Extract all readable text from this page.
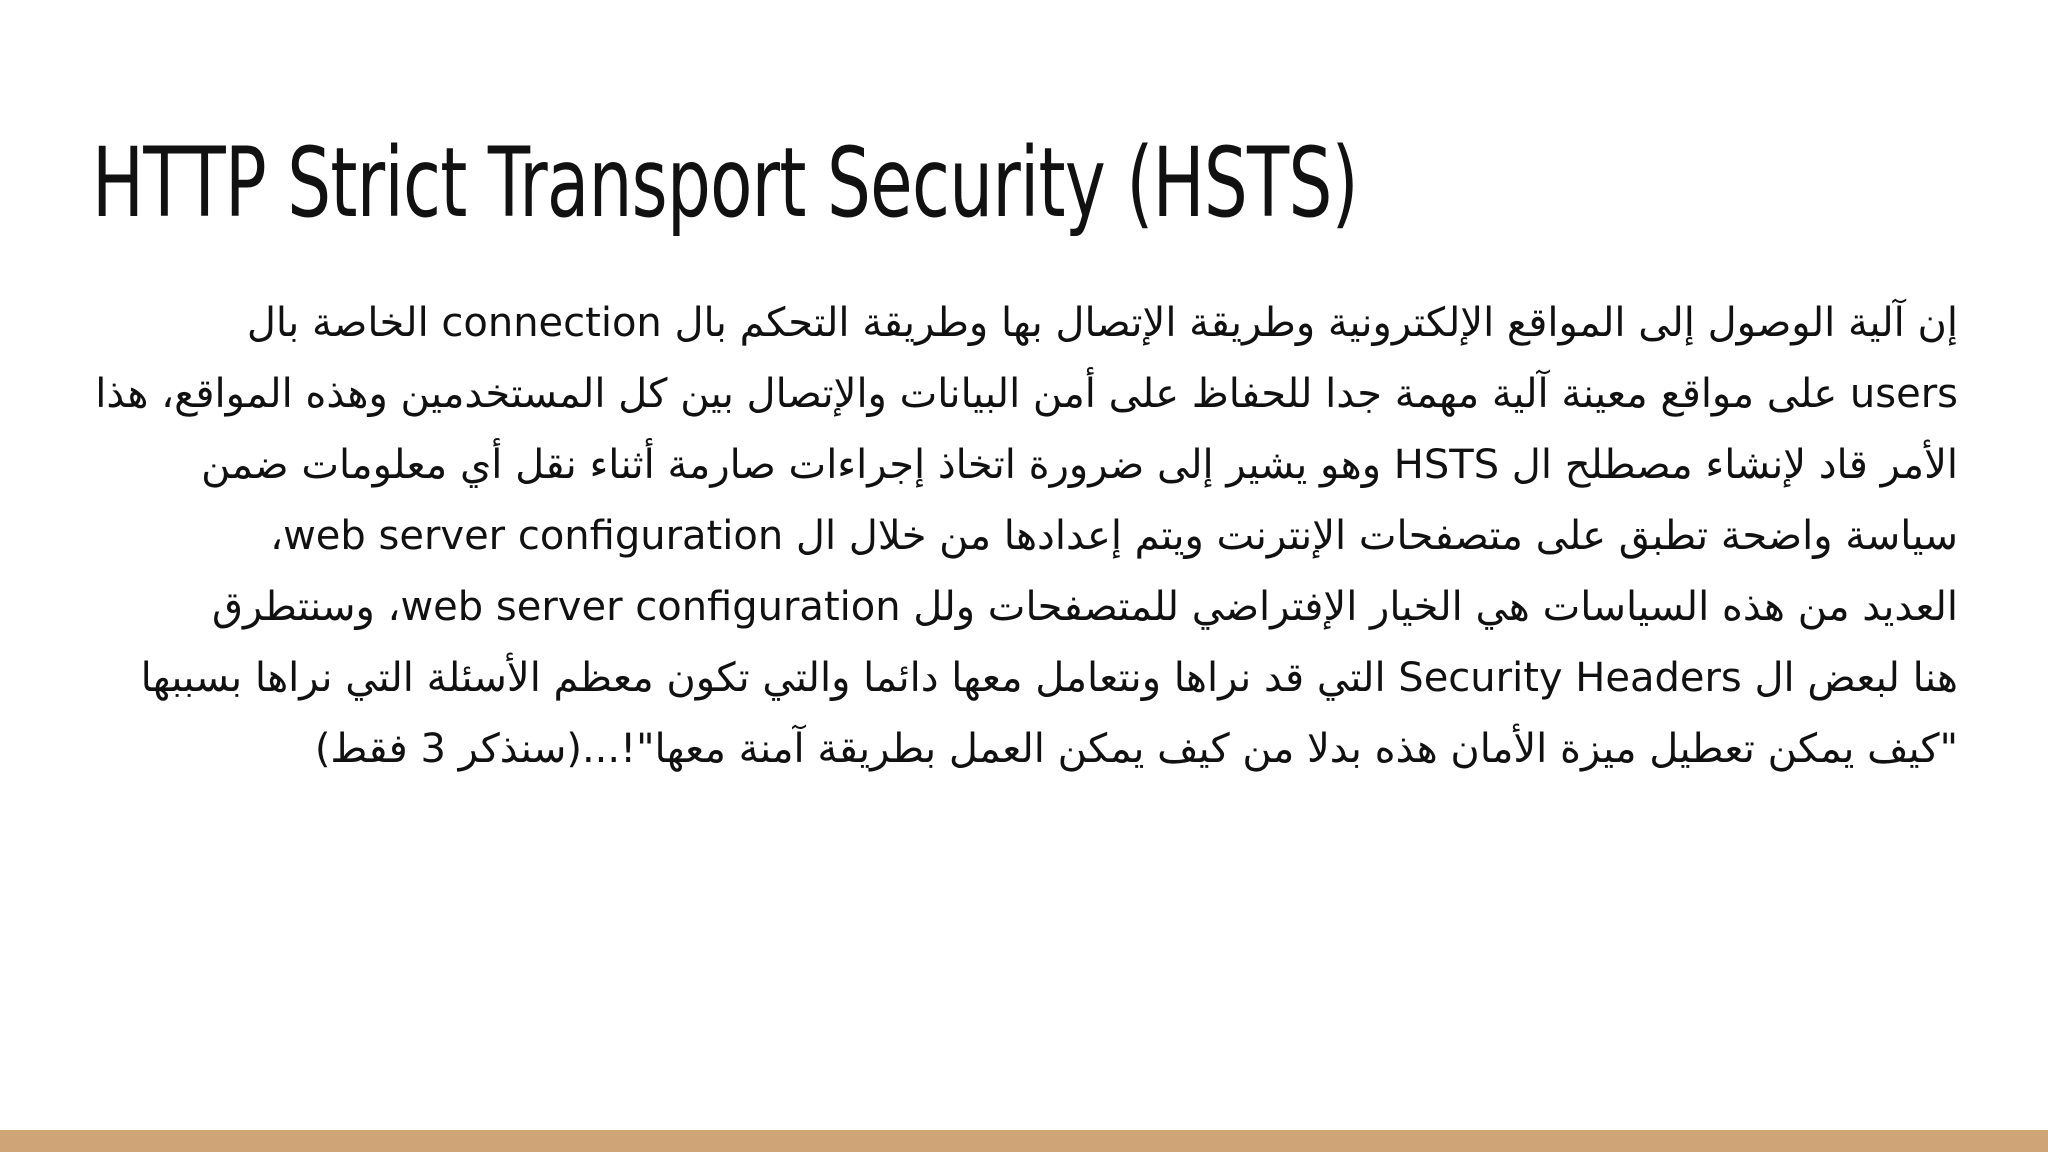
HTTP Strict Transport Security (HSTS)
إن آلية الوصول إلى المواقع الإلكترونية وطريقة الإتصال بها وطريقة التحكم بال connection الخاصة بال
users على مواقع معينة آلية مهمة جدا للحفاظ على أمن البيانات والإتصال بين كل المستخدمين وهذه المواقع، هذا
الأمر قاد لإنشاء مصطلح ال HSTS وهو يشير إلى ضرورة اتخاذ إجراءات صارمة أثناء نقل أي معلومات ضمن
سياسة واضحة تطبق على متصفحات الإنترنت ويتم إعدادها من خلال ال web server configuration،
العديد من هذه السياسات هي الخيار الإفتراضي للمتصفحات ولل web server configuration، وسنتطرق
هنا لبعض ال Security Headers التي قد نراها ونتعامل معها دائما والتي تكون معظم الأسئلة التي نراها بسببها
"كيف يمكن تعطيل ميزة الأمان هذه بدلا من كيف يمكن العمل بطريقة آمنة معها"!...(سنذكر 3 فقط)
